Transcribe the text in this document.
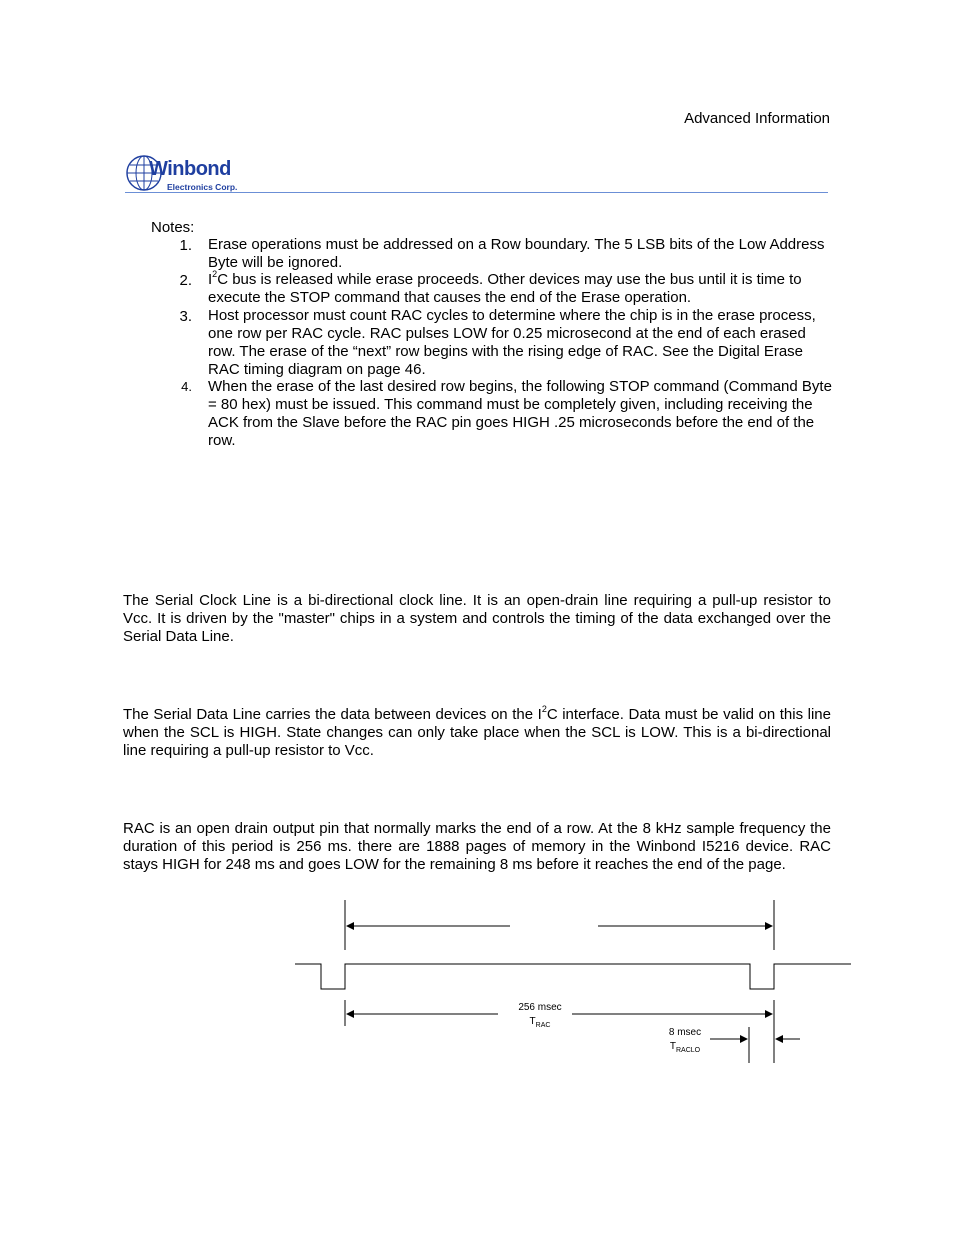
Advanced Information
Winbond
Electronics Corp.
Notes:
1. Erase operations must be addressed on a Row boundary. The 5 LSB bits of the Low Address Byte will be ignored.
2. $I^2C$ bus is released while erase proceeds. Other devices may use the bus until it is time to execute the STOP command that causes the end of the Erase operation.
3. Host processor must count RAC cycles to determine where the chip is in the erase process, one row per RAC cycle. RAC pulses LOW for 0.25 microsecond at the end of each erased row. The erase of the “next” row begins with the rising edge of RAC. See the Digital Erase RAC timing diagram on page 46.
4. When the erase of the last desired row begins, the following STOP command (Command Byte = 80 hex) must be issued. This command must be completely given, including receiving the ACK from the Slave before the RAC pin goes HIGH .25 microseconds before the end of the row.
The Serial Clock Line is a bi-directional clock line. It is an open-drain line requiring a pull-up resistor to Vcc. It is driven by the "master" chips in a system and controls the timing of the data exchanged over the Serial Data Line.
The Serial Data Line carries the data between devices on the $I^2C$ interface. Data must be valid on this line when the SCL is HIGH. State changes can only take place when the SCL is LOW. This is a bi-directional line requiring a pull-up resistor to Vcc.
RAC is an open drain output pin that normally marks the end of a row. At the 8 kHz sample frequency the duration of this period is 256 ms. there are 1888 pages of memory in the Winbond I5216 device. RAC stays HIGH for 248 ms and goes LOW for the remaining 8 ms before it reaches the end of the page.
256 msec
$T_{RAC}$
8 msec
$T_{RACLO}$
